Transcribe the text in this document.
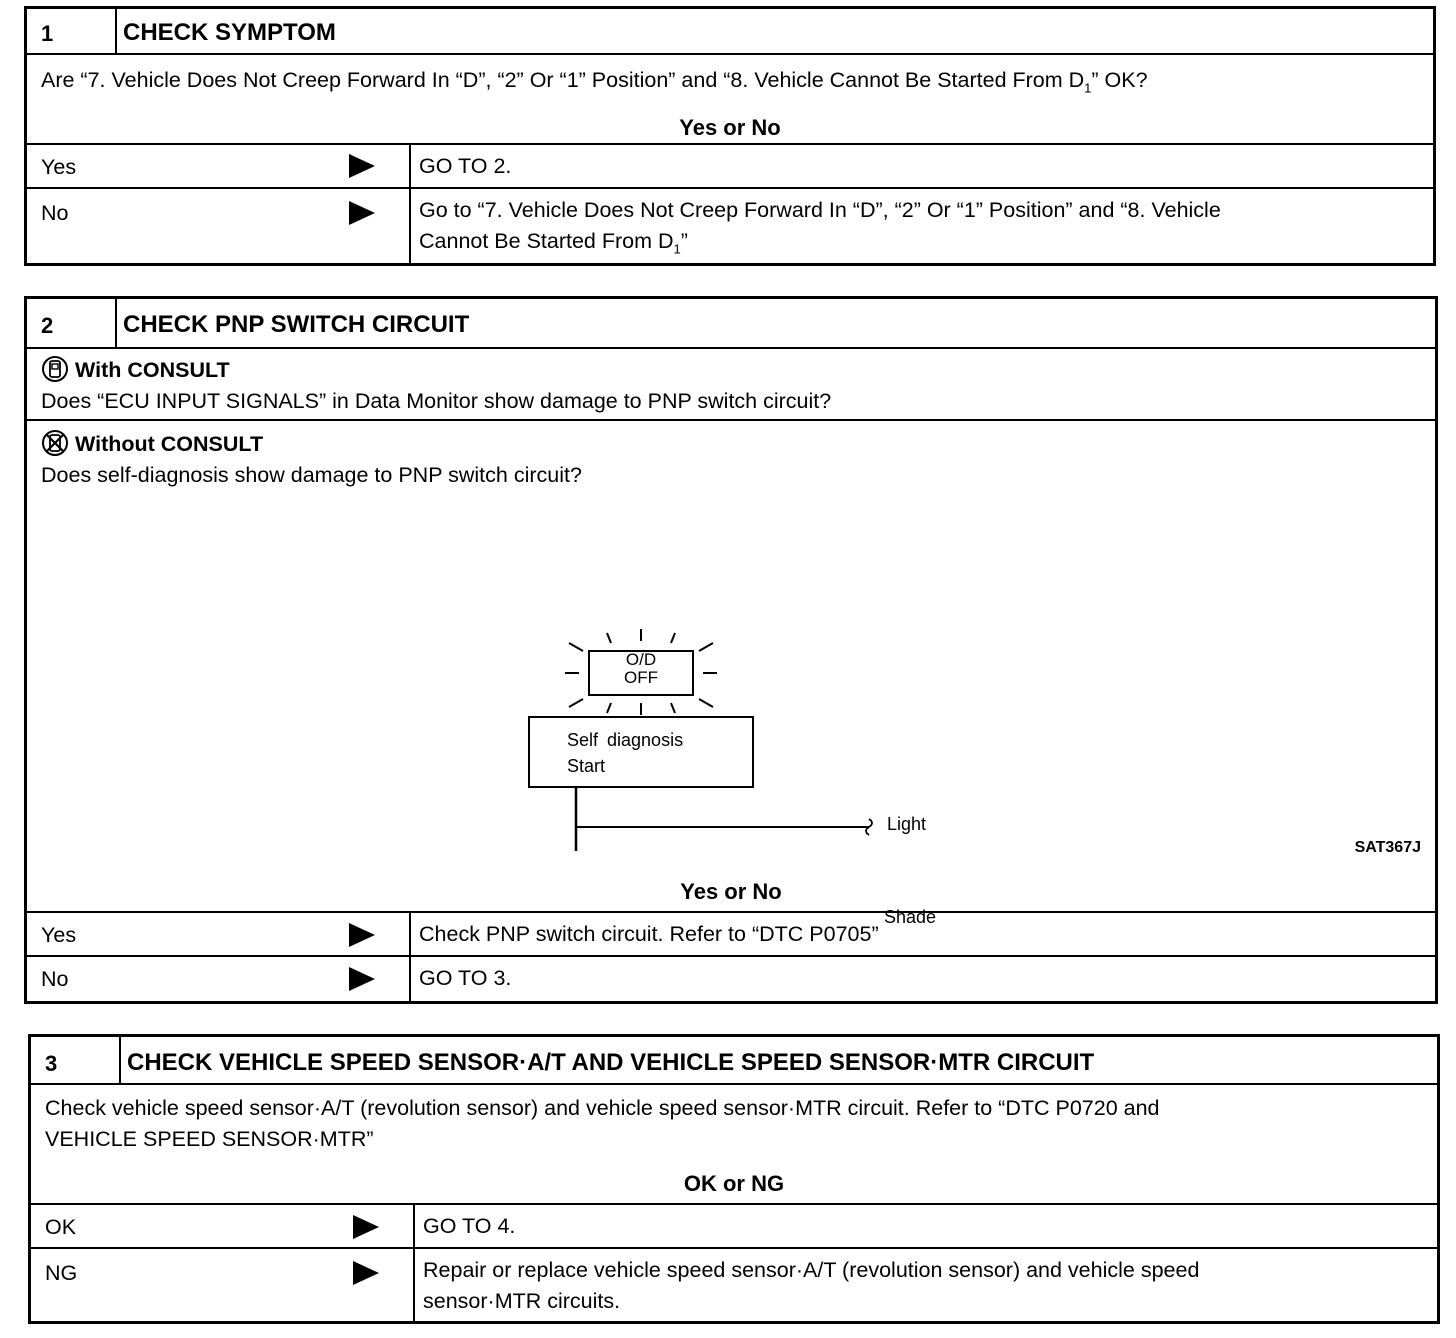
1	CHECK SYMPTOM
Are “7. Vehicle Does Not Creep Forward In “D”, “2” Or “1” Position” and “8. Vehicle Cannot Be Started From $D_1$” OK?
Yes or No
Yes	GO TO 2.
No	Go to “7. Vehicle Does Not Creep Forward In “D”, “2” Or “1” Position” and “8. Vehicle
Cannot Be Started From $D_1$”
2	CHECK PNP SWITCH CIRCUIT
With CONSULT
Does “ECU INPUT SIGNALS” in Data Monitor show damage to PNP switch circuit?
Without CONSULT
Does self-diagnosis show damage to PNP switch circuit?
O/D
OFF
Self diagnosis
Start
Light
Shade
SAT367J
Yes or No
Yes	Check PNP switch circuit. Refer to “DTC P0705”
No	GO TO 3.
3	CHECK VEHICLE SPEED SENSOR·A/T AND VEHICLE SPEED SENSOR·MTR CIRCUIT
Check vehicle speed sensor·A/T (revolution sensor) and vehicle speed sensor·MTR circuit. Refer to “DTC P0720 and
VEHICLE SPEED SENSOR·MTR”
OK or NG
OK	GO TO 4.
NG	Repair or replace vehicle speed sensor·A/T (revolution sensor) and vehicle speed
sensor·MTR circuits.
